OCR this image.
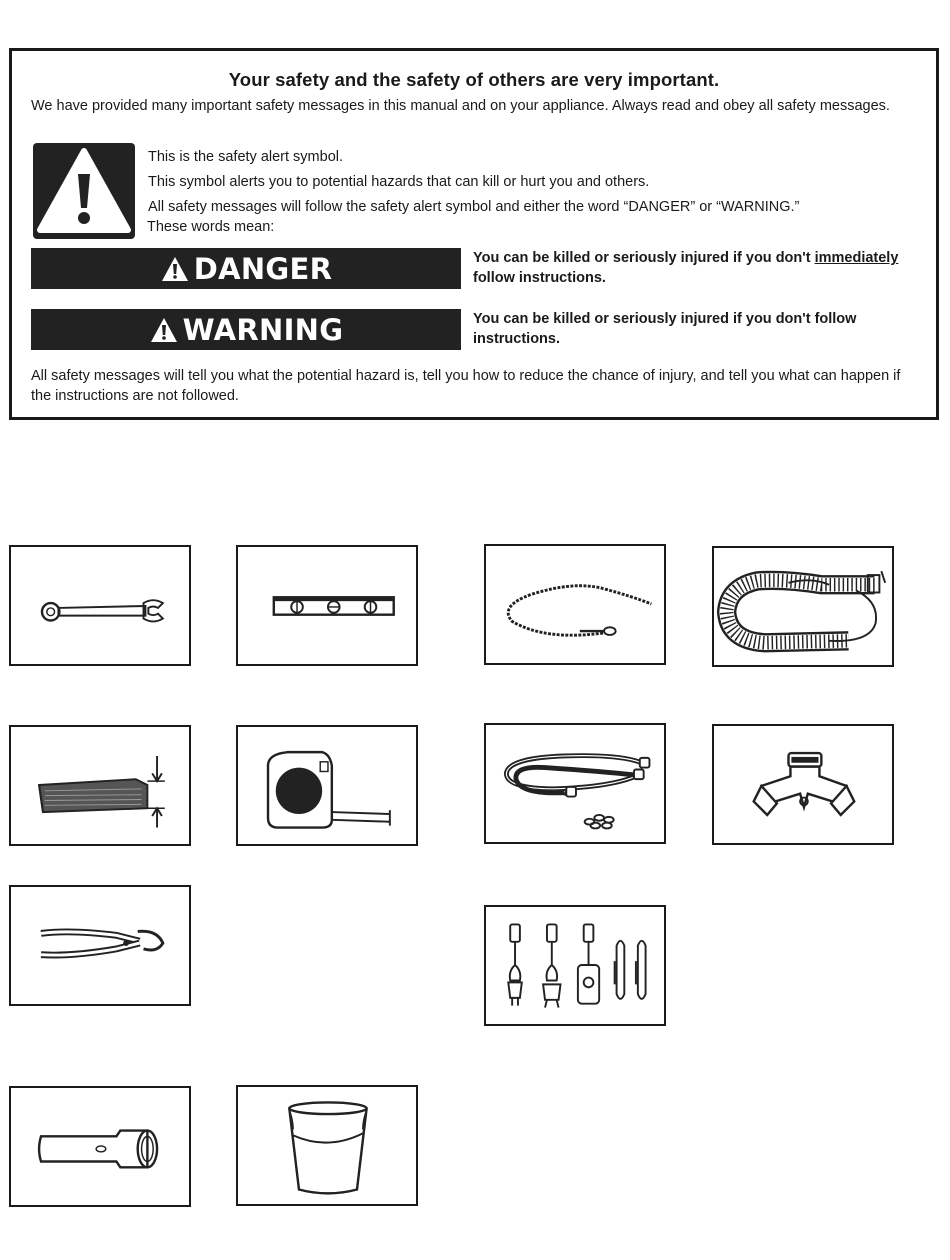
Your safety and the safety of others are very important.
We have provided many important safety messages in this manual and on your appliance. Always read and obey all safety messages.
This is the safety alert symbol.
This symbol alerts you to potential hazards that can kill or hurt you and others.
All safety messages will follow the safety alert symbol and either the word “DANGER” or “WARNING.”
These words mean:
DANGER	You can be killed or seriously injured if you don't immediately
follow instructions.
WARNING	You can be killed or seriously injured if you don't follow instructions.
All safety messages will tell you what the potential hazard is, tell you how to reduce the chance of injury, and tell you what can happen if the instructions are not followed.
